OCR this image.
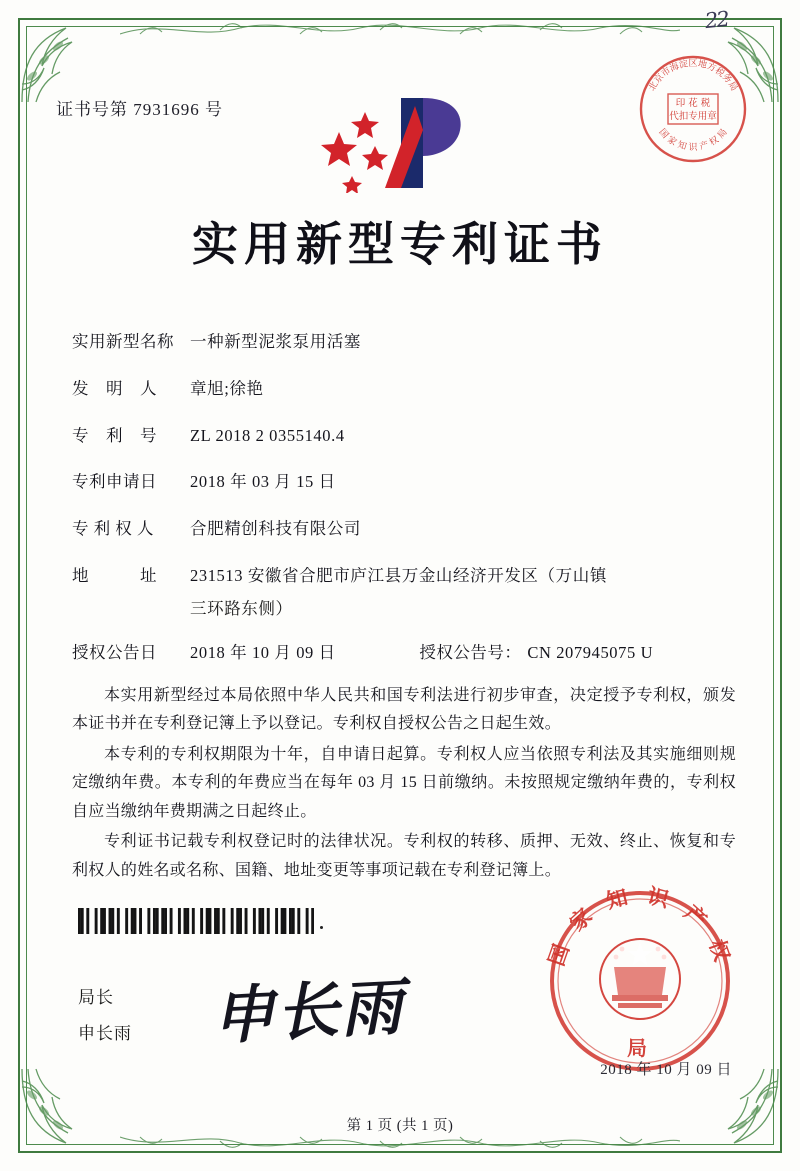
22
证书号第 7931696 号
北京市海淀区地方税务局
国 家 知 识 产 权 局
印 花 税
代扣专用章
实用新型专利证书
实用新型名称 一种新型泥浆泵用活塞
发　明　人	章旭;徐艳
专　利　号	ZL 2018 2 0355140.4
专利申请日	2018 年 03 月 15 日
专 利 权 人	合肥精创科技有限公司
地　　　址	231513 安徽省合肥市庐江县万金山经济开发区（万山镇
三环路东侧）
授权公告日	2018 年 10 月 09 日	授权公告号： CN 207945075 U

本实用新型经过本局依照中华人民共和国专利法进行初步审查，决定授予专利权，颁发本证书并在专利登记簿上予以登记。专利权自授权公告之日起生效。

本专利的专利权期限为十年，自申请日起算。专利权人应当依照专利法及其实施细则规定缴纳年费。本专利的年费应当在每年 03 月 15 日前缴纳。未按照规定缴纳年费的，专利权自应当缴纳年费期满之日起终止。

专利证书记载专利权登记时的法律状况。专利权的转移、质押、无效、终止、恢复和专利权人的姓名或名称、国籍、地址变更等事项记载在专利登记簿上。

局长
申长雨 申长雨
国 家 知 识 产 权
局
2018 年 10 月 09 日
第 1 页 (共 1 页)
